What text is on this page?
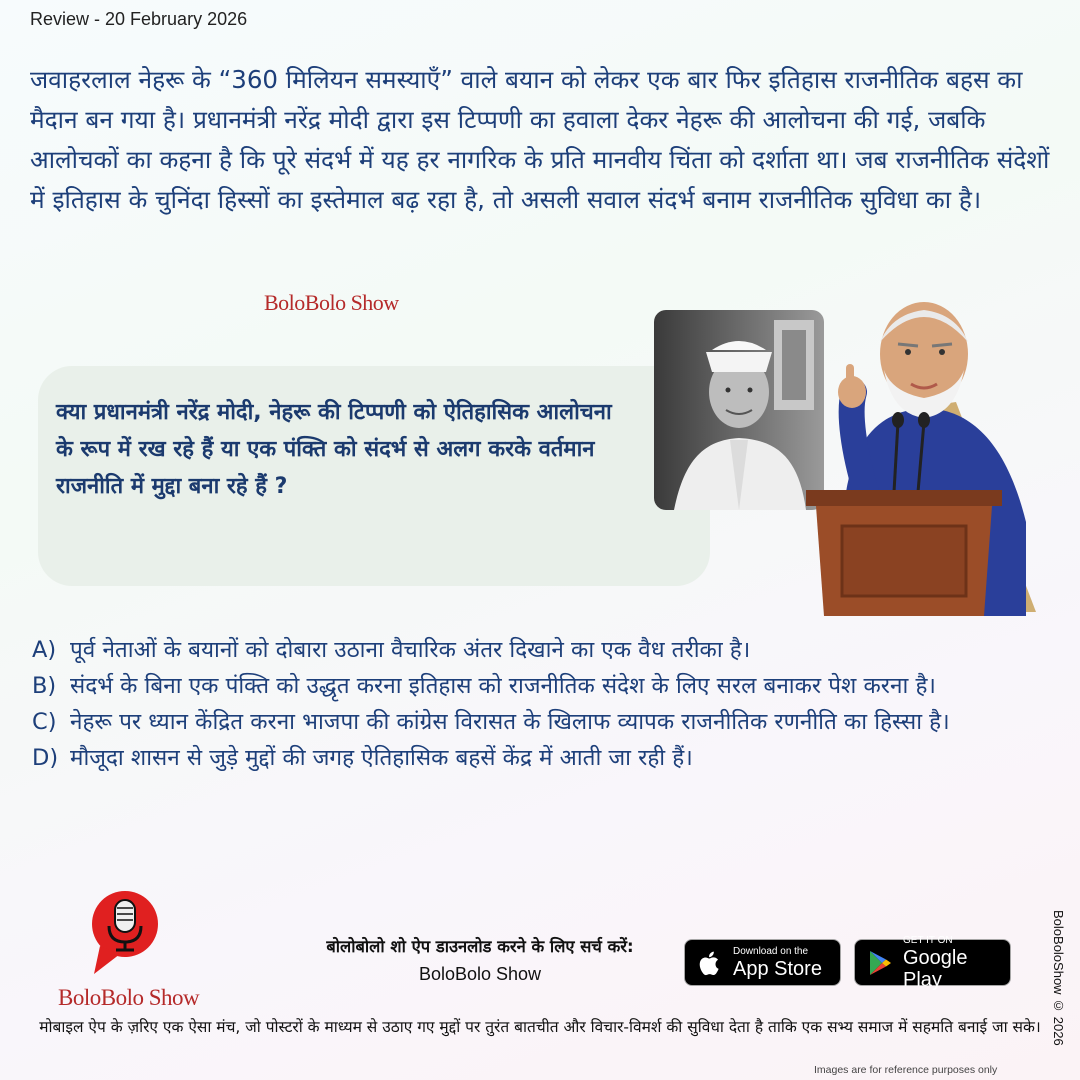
Review - 20 February 2026
जवाहरलाल नेहरू के “360 मिलियन समस्याएँ” वाले बयान को लेकर एक बार फिर इतिहास राजनीतिक बहस का मैदान बन गया है। प्रधानमंत्री नरेंद्र मोदी द्वारा इस टिप्पणी का हवाला देकर नेहरू की आलोचना की गई, जबकि आलोचकों का कहना है कि पूरे संदर्भ में यह हर नागरिक के प्रति मानवीय चिंता को दर्शाता था। जब राजनीतिक संदेशों में इतिहास के चुनिंदा हिस्सों का इस्तेमाल बढ़ रहा है, तो असली सवाल संदर्भ बनाम राजनीतिक सुविधा का है।
BoloBolo Show
क्या प्रधानमंत्री नरेंद्र मोदी, नेहरू की टिप्पणी को ऐतिहासिक आलोचना के रूप में रख रहे हैं या एक पंक्ति को संदर्भ से अलग करके वर्तमान राजनीति में मुद्दा बना रहे हैं ?
A) पूर्व नेताओं के बयानों को दोबारा उठाना वैचारिक अंतर दिखाने का एक वैध तरीका है।
B) संदर्भ के बिना एक पंक्ति को उद्धृत करना इतिहास को राजनीतिक संदेश के लिए सरल बनाकर पेश करना है।
C) नेहरू पर ध्यान केंद्रित करना भाजपा की कांग्रेस विरासत के खिलाफ व्यापक राजनीतिक रणनीति का हिस्सा है।
D) मौजूदा शासन से जुड़े मुद्दों की जगह ऐतिहासिक बहसें केंद्र में आती जा रही हैं।
BoloBolo Show
बोलोबोलो शो ऐप डाउनलोड करने के लिए सर्च करें:
BoloBolo Show
Download on the
App Store
GET IT ON
Google Play
मोबाइल ऐप के ज़रिए एक ऐसा मंच, जो पोस्टरों के माध्यम से उठाए गए मुद्दों पर तुरंत बातचीत और विचार-विमर्श की सुविधा देता है ताकि एक सभ्य समाज में सहमति बनाई जा सके। BoloBoloShow © 2026
Images are for reference purposes only
